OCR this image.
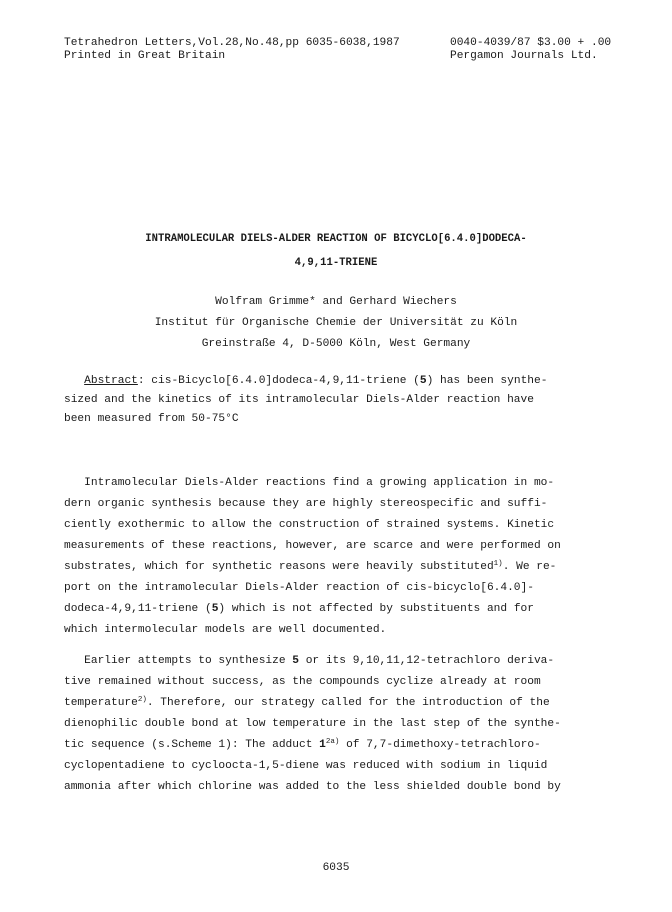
Tetrahedron Letters,Vol.28,No.48,pp 6035-6038,1987
Printed in Great Britain
0040-4039/87 $3.00 + .00
Pergamon Journals Ltd.
INTRAMOLECULAR DIELS-ALDER REACTION OF BICYCLO[6.4.0]DODECA-
4,9,11-TRIENE
Wolfram Grimme* and Gerhard Wiechers
Institut für Organische Chemie der Universität zu Köln
Greinstraße 4, D-5000 Köln, West Germany
Abstract: cis-Bicyclo[6.4.0]dodeca-4,9,11-triene (5) has been synthe-
sized and the kinetics of its intramolecular Diels-Alder reaction have
been measured from 50-75°C
Intramolecular Diels-Alder reactions find a growing application in mo-
dern organic synthesis because they are highly stereospecific and suffi-
ciently exothermic to allow the construction of strained systems. Kinetic
measurements of these reactions, however, are scarce and were performed on
substrates, which for synthetic reasons were heavily substituted$^{1)}$. We re-
port on the intramolecular Diels-Alder reaction of cis-bicyclo[6.4.0]-
dodeca-4,9,11-triene (5) which is not affected by substituents and for
which intermolecular models are well documented.
Earlier attempts to synthesize 5 or its 9,10,11,12-tetrachloro deriva-
tive remained without success, as the compounds cyclize already at room
temperature$^{2)}$. Therefore, our strategy called for the introduction of the
dienophilic double bond at low temperature in the last step of the synthe-
tic sequence (s.Scheme 1): The adduct $1^{2a)}$ of 7,7-dimethoxy-tetrachloro-
cyclopentadiene to cycloocta-1,5-diene was reduced with sodium in liquid
ammonia after which chlorine was added to the less shielded double bond by
6035
